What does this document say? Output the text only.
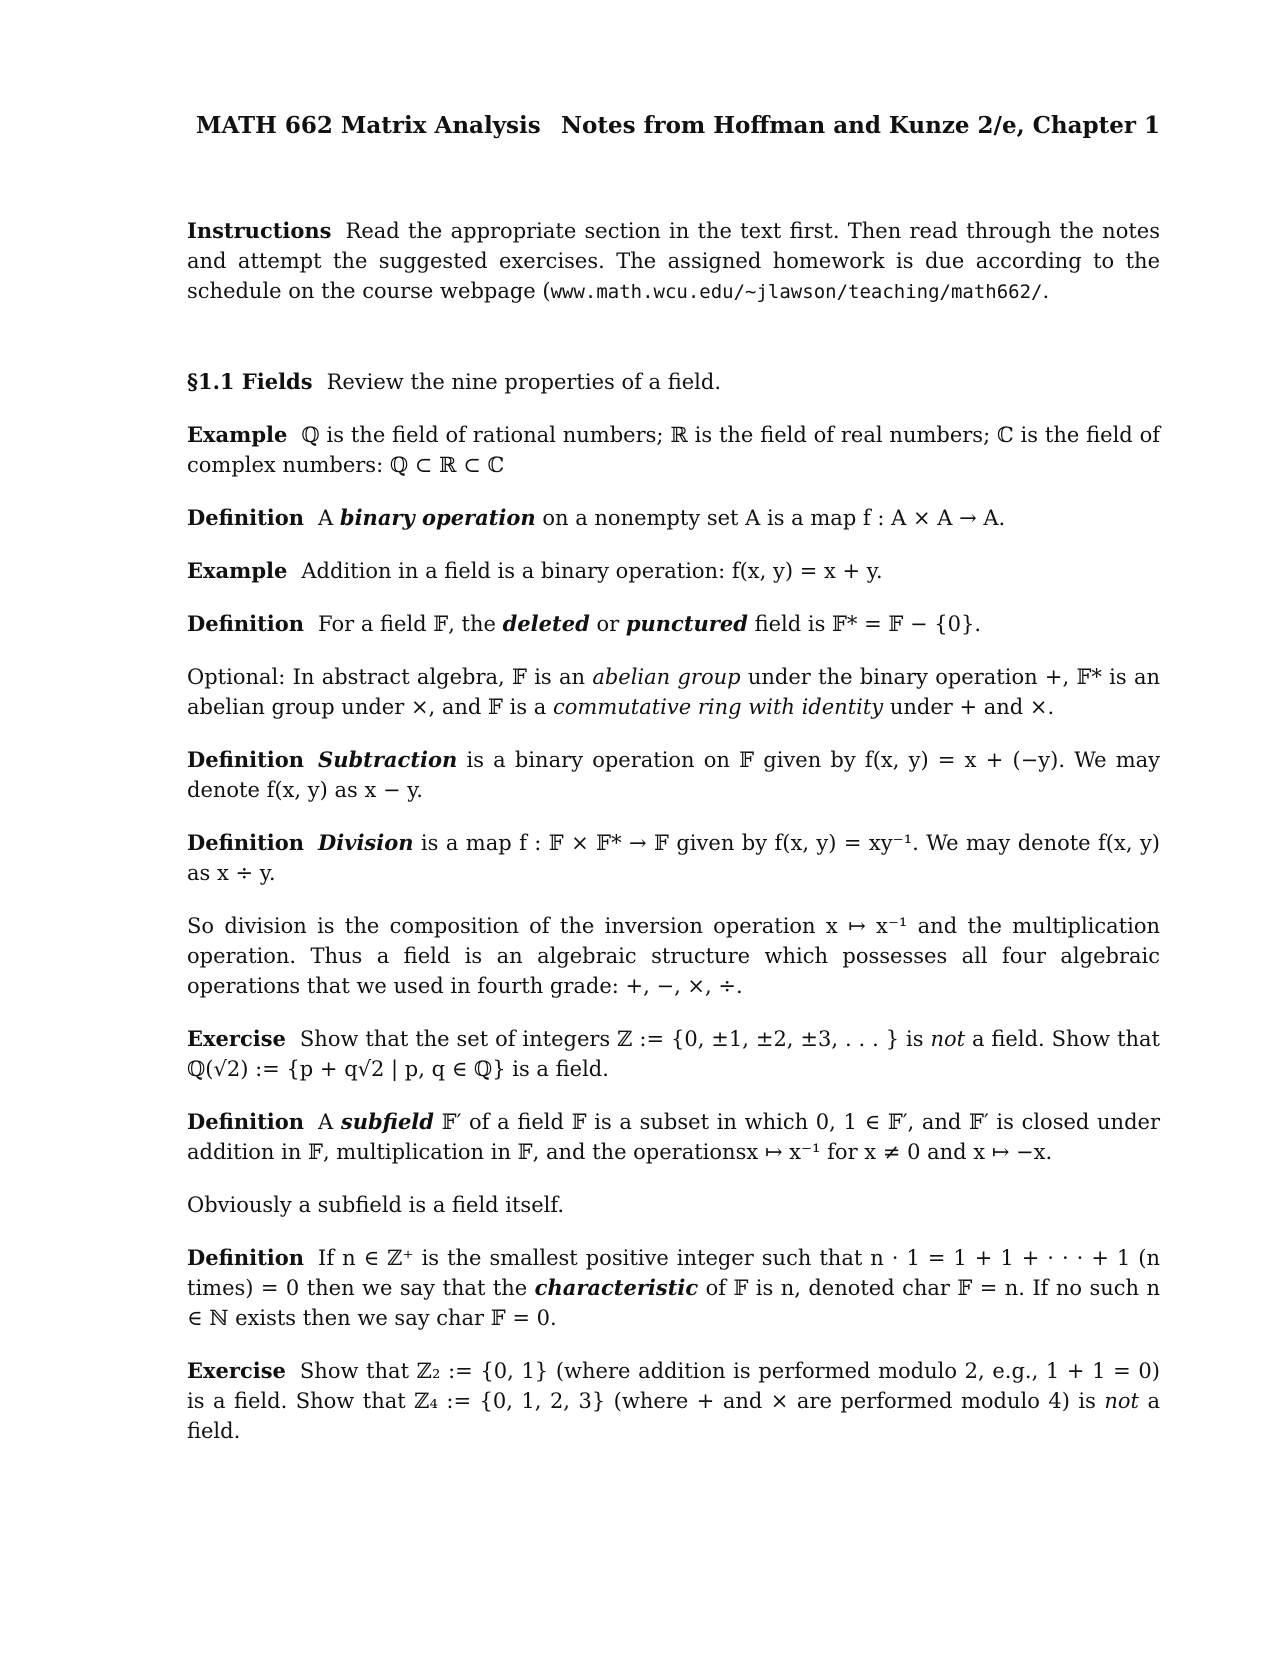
MATH 662 Matrix Analysis Notes from Hoffman and Kunze 2/e, Chapter 1

Instructions Read the appropriate section in the text first. Then read through the notes and attempt the suggested exercises. The assigned homework is due according to the schedule on the course webpage (www.math.wcu.edu/∼jlawson/teaching/math662/.

§1.1 Fields Review the nine properties of a field.

Example ℚ is the field of rational numbers; ℝ is the field of real numbers; ℂ is the field of complex numbers: ℚ ⊂ ℝ ⊂ ℂ

Definition A binary operation on a nonempty set A is a map f : A × A → A.

Example Addition in a field is a binary operation: f(x, y) = x + y.

Definition For a field 𝔽, the deleted or punctured field is 𝔽* = 𝔽 − {0}.

Optional: In abstract algebra, 𝔽 is an abelian group under the binary operation +, 𝔽* is an abelian group under ×, and 𝔽 is a commutative ring with identity under + and ×.

Definition Subtraction is a binary operation on 𝔽 given by f(x, y) = x + (−y). We may denote f(x, y) as x − y.

Definition Division is a map f : 𝔽 × 𝔽* → 𝔽 given by f(x, y) = xy⁻¹. We may denote f(x, y) as x ÷ y.

So division is the composition of the inversion operation x ↦ x⁻¹ and the multiplication operation. Thus a field is an algebraic structure which possesses all four algebraic operations that we used in fourth grade: +, −, ×, ÷.

Exercise Show that the set of integers ℤ := {0, ±1, ±2, ±3, . . . } is not a field. Show that ℚ(√2) := {p + q√2 | p, q ∈ ℚ} is a field.

Definition A subfield 𝔽′ of a field 𝔽 is a subset in which 0, 1 ∈ 𝔽′, and 𝔽′ is closed under addition in 𝔽, multiplication in 𝔽, and the operationsx ↦ x⁻¹ for x ≠ 0 and x ↦ −x.

Obviously a subfield is a field itself.

Definition If n ∈ ℤ⁺ is the smallest positive integer such that n · 1 = 1 + 1 + · · · + 1 (n times) = 0 then we say that the characteristic of 𝔽 is n, denoted char 𝔽 = n. If no such n ∈ ℕ exists then we say char 𝔽 = 0.

Exercise Show that ℤ₂ := {0, 1} (where addition is performed modulo 2, e.g., 1 + 1 = 0) is a field. Show that ℤ₄ := {0, 1, 2, 3} (where + and × are performed modulo 4) is not a field.
